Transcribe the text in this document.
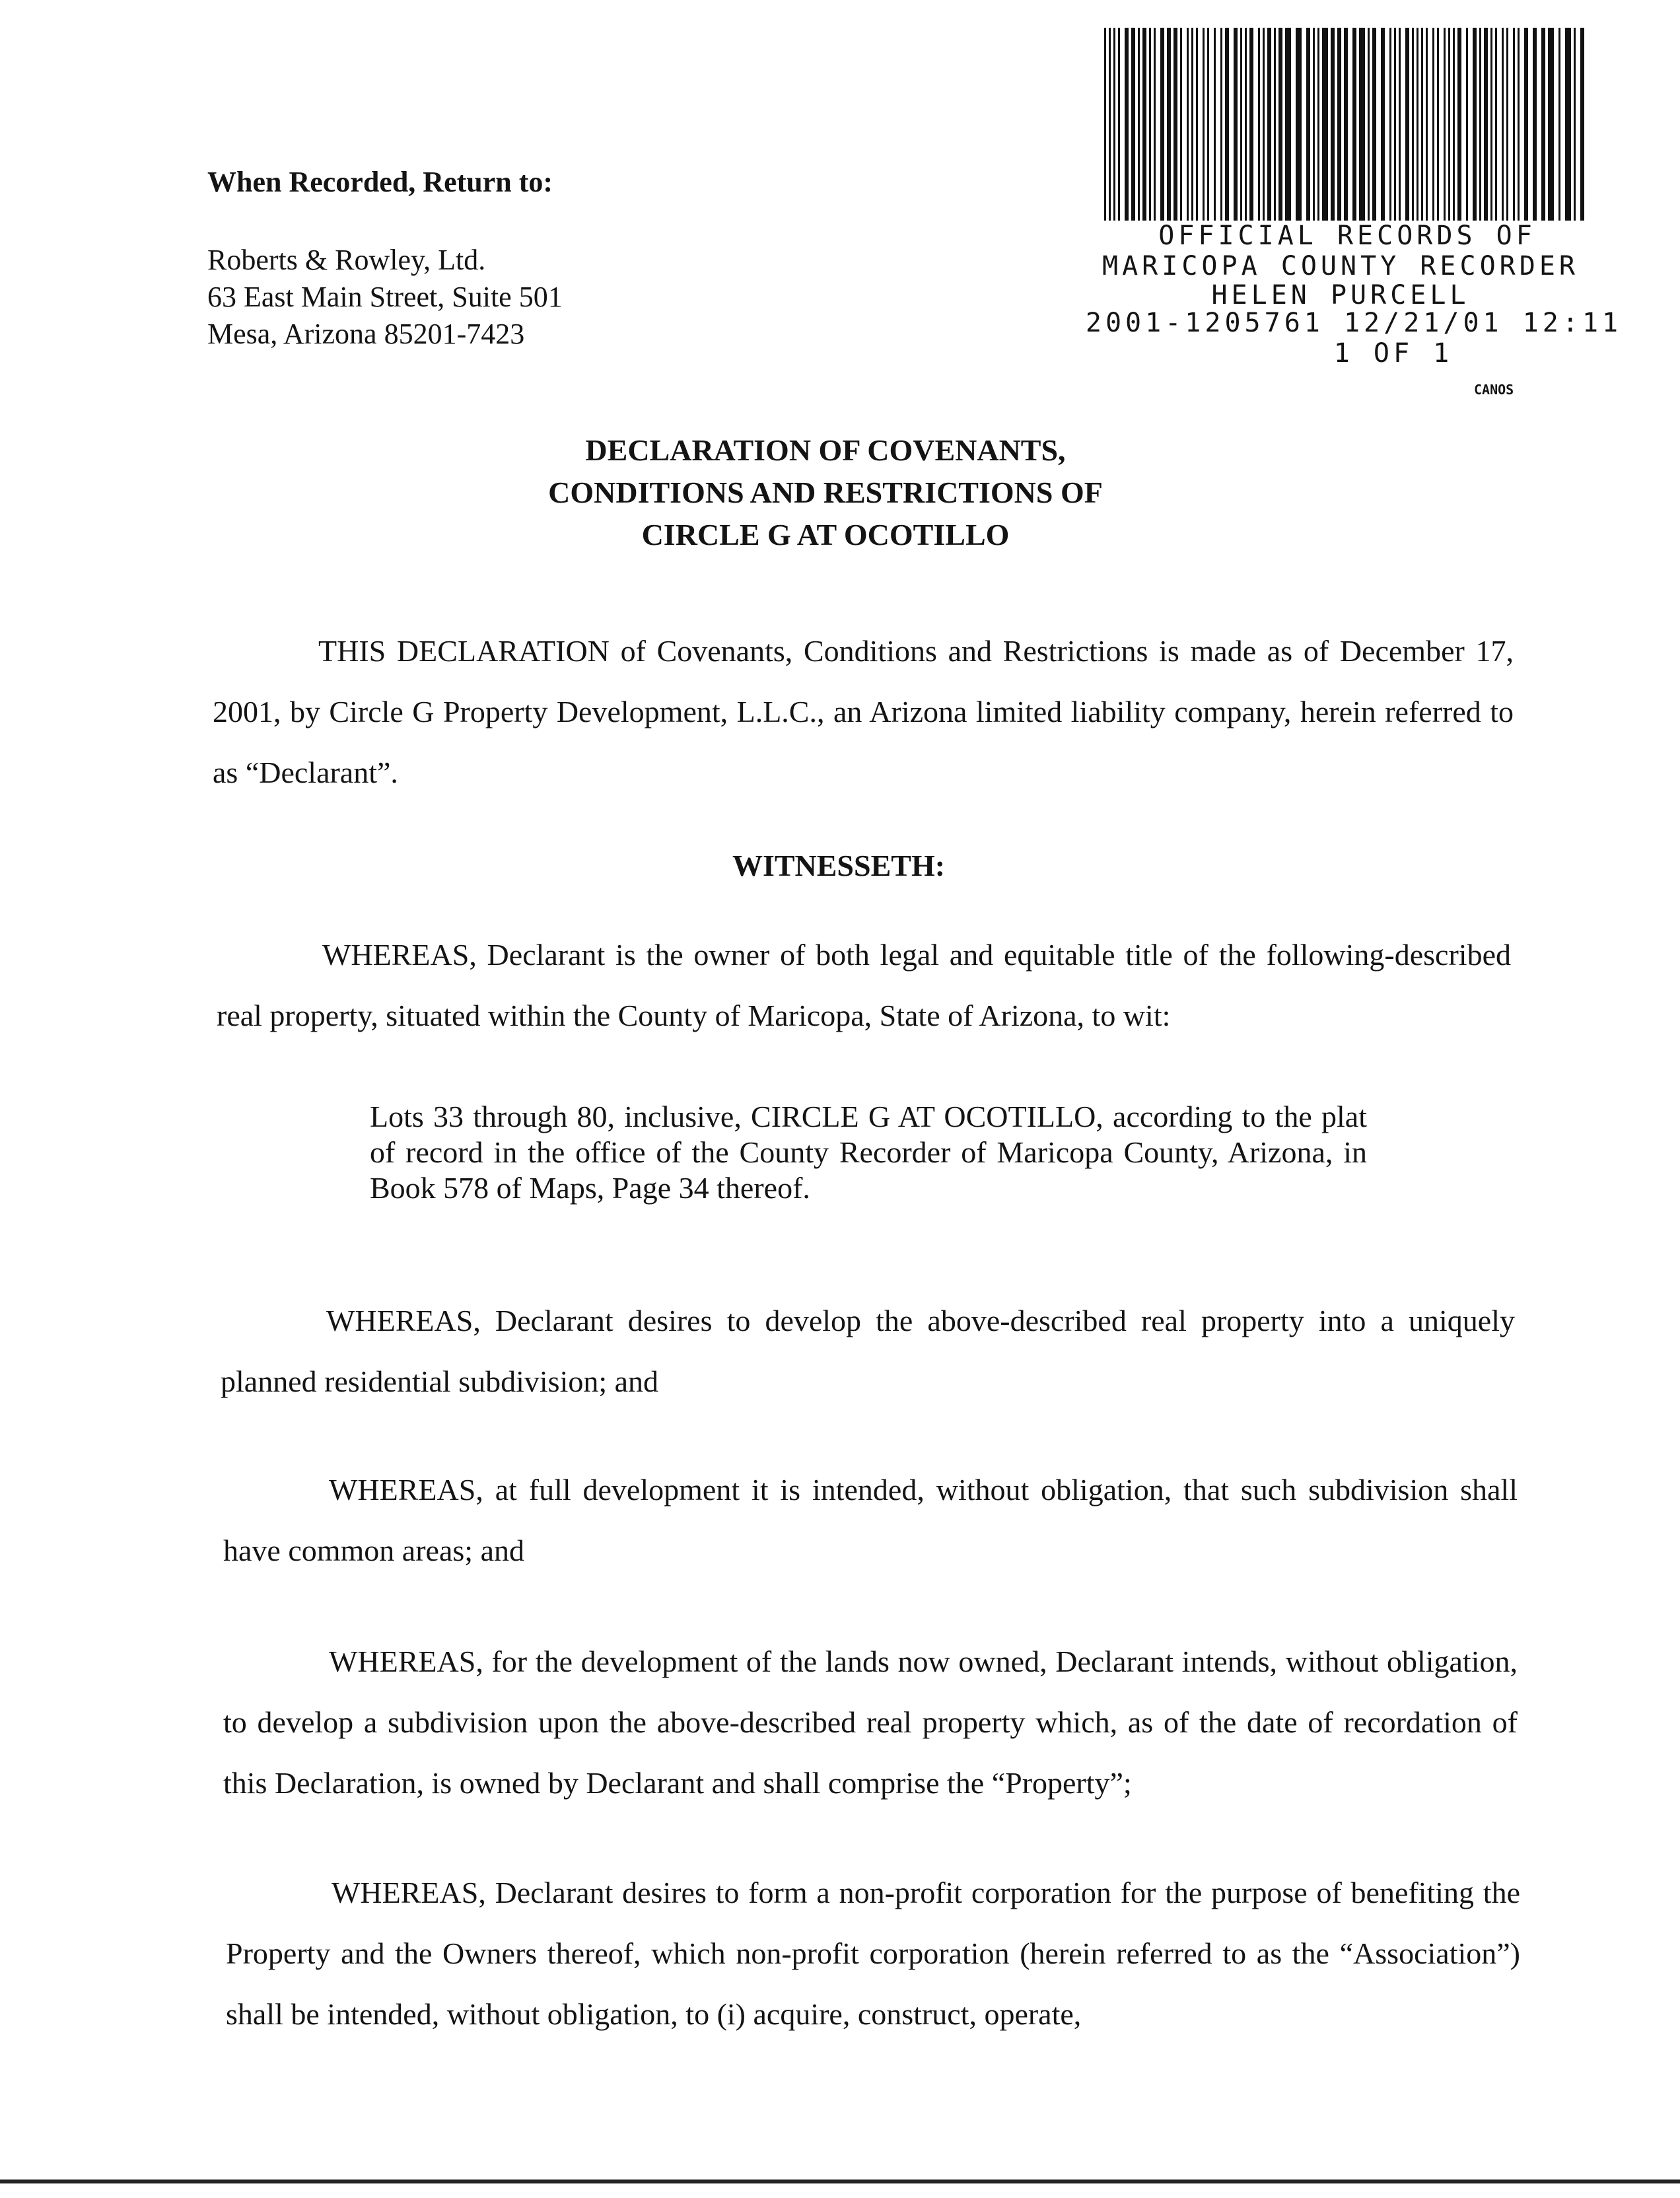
When Recorded, Return to:
Roberts & Rowley, Ltd.
63 East Main Street, Suite 501
Mesa, Arizona 85201-7423
OFFICIAL RECORDS OF
MARICOPA COUNTY RECORDER
HELEN PURCELL
2001-1205761 12/21/01 12:11
1 OF 1
CANOS
DECLARATION OF COVENANTS,
CONDITIONS AND RESTRICTIONS OF
CIRCLE G AT OCOTILLO
THIS DECLARATION of Covenants, Conditions and Restrictions is made as of December 17, 2001, by Circle G Property Development, L.L.C., an Arizona limited liability company, herein referred to as “Declarant”.
WITNESSETH:
WHEREAS, Declarant is the owner of both legal and equitable title of the following-described real property, situated within the County of Maricopa, State of Arizona, to wit:
Lots 33 through 80, inclusive, CIRCLE G AT OCOTILLO, according to the plat of record in the office of the County Recorder of Maricopa County, Arizona, in Book 578 of Maps, Page 34 thereof.
WHEREAS, Declarant desires to develop the above-described real property into a uniquely planned residential subdivision; and
WHEREAS, at full development it is intended, without obligation, that such subdivision shall have common areas; and
WHEREAS, for the development of the lands now owned, Declarant intends, without obligation, to develop a subdivision upon the above-described real property which, as of the date of recordation of this Declaration, is owned by Declarant and shall comprise the “Property”;
WHEREAS, Declarant desires to form a non-profit corporation for the purpose of benefiting the Property and the Owners thereof, which non-profit corporation (herein referred to as the “Association”) shall be intended, without obligation, to (i) acquire, construct, operate,
